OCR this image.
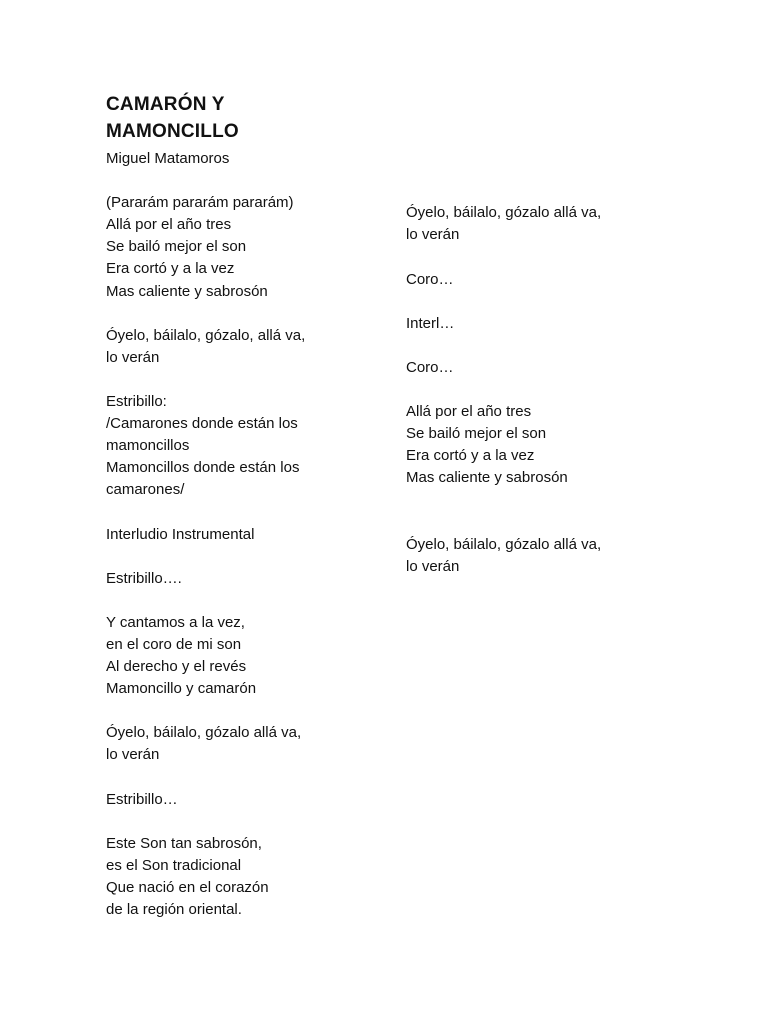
CAMARÓN Y
MAMONCILLO
Miguel Matamoros
(Pararám pararám pararám)
Allá por el año tres
Se bailó mejor el son
Era cortó y a la vez
Mas caliente y sabrosón
Óyelo, báilalo, gózalo, allá va,
lo verán
Estribillo:
/Camarones donde están los
mamoncillos
Mamoncillos donde están los
camarones/
Interludio Instrumental
Estribillo….
Y cantamos a la vez,
en el coro de mi son
Al derecho y el revés
Mamoncillo y camarón
Óyelo, báilalo, gózalo allá va,
lo verán
Estribillo…
Este Son tan sabrosón,
es el Son tradicional
Que nació en el corazón
de la región oriental.
Óyelo, báilalo, gózalo allá va,
lo verán
Coro…
Interl…
Coro…
Allá por el año tres
Se bailó mejor el son
Era cortó y a la vez
Mas caliente y sabrosón
Óyelo, báilalo, gózalo allá va,
lo verán
